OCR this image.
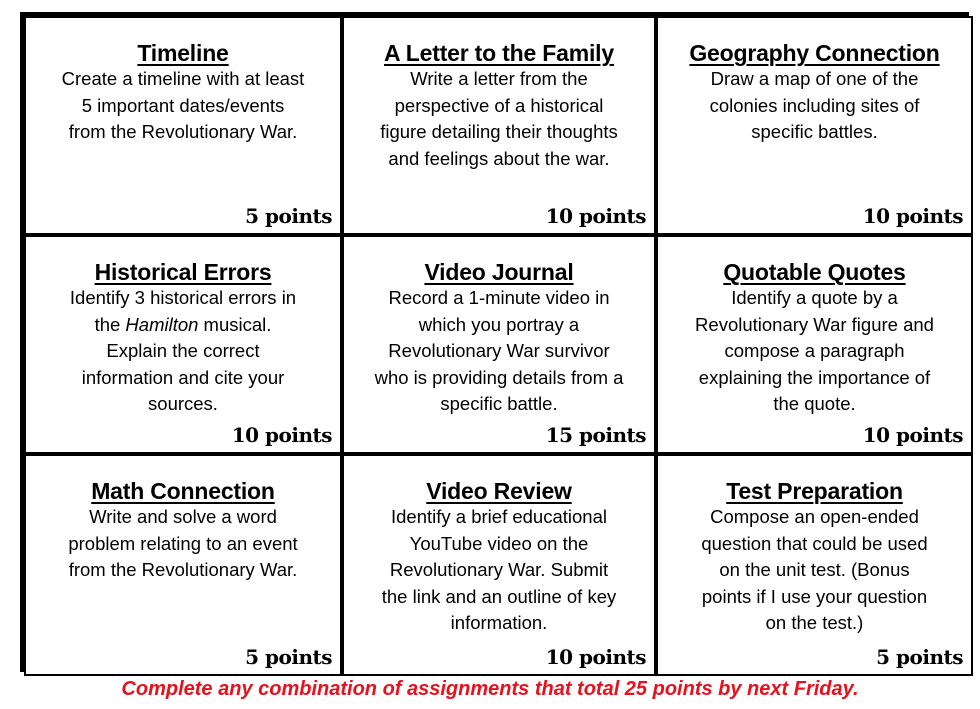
Timeline
Create a timeline with at least
5 important dates/events
from the Revolutionary War.
5 points
A Letter to the Family
Write a letter from the
perspective of a historical
figure detailing their thoughts
and feelings about the war.
10 points
Geography Connection
Draw a map of one of the
colonies including sites of
specific battles.
10 points
Historical Errors
Identify 3 historical errors in
the Hamilton musical.
Explain the correct
information and cite your
sources.
10 points
Video Journal
Record a 1-minute video in
which you portray a
Revolutionary War survivor
who is providing details from a
specific battle.
15 points
Quotable Quotes
Identify a quote by a
Revolutionary War figure and
compose a paragraph
explaining the importance of
the quote.
10 points
Math Connection
Write and solve a word
problem relating to an event
from the Revolutionary War.
5 points
Video Review
Identify a brief educational
YouTube video on the
Revolutionary War. Submit
the link and an outline of key
information.
10 points
Test Preparation
Compose an open-ended
question that could be used
on the unit test. (Bonus
points if I use your question
on the test.)
5 points
Complete any combination of assignments that total 25 points by next Friday.
